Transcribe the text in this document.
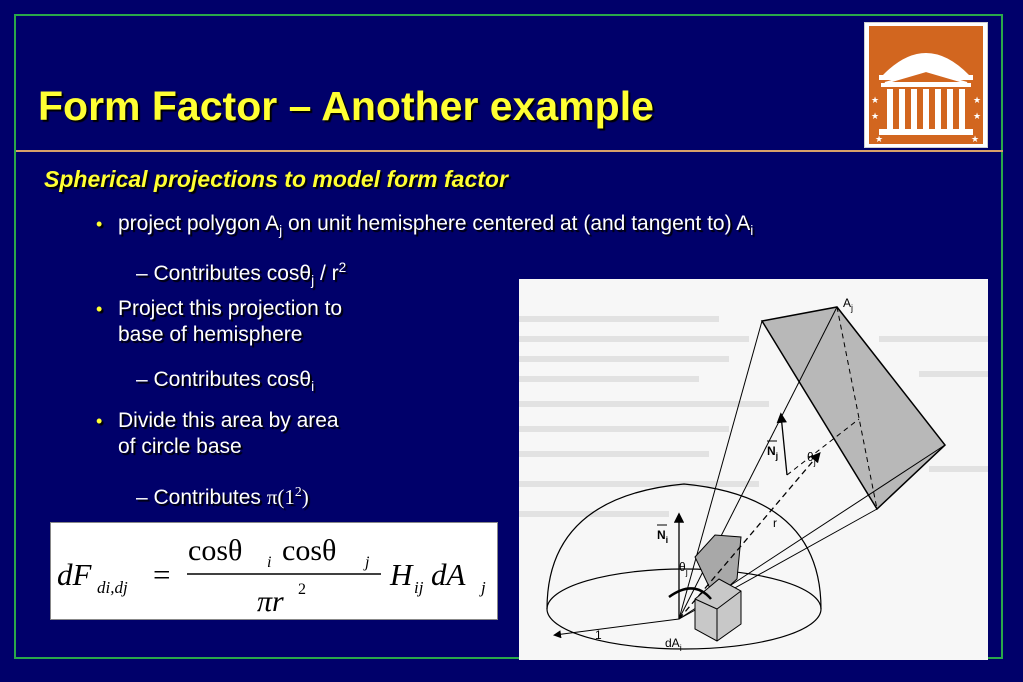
Form Factor – Another example	★
★
★
★
★	★
Spherical projections to model form factor
• project polygon $A_j$ on unit hemisphere centered at (and tangent to) $A_i$
– Contributes $\cos\theta_j / r^2$
• Project this projection to
base of hemisphere
– Contributes cosθ$_i$
• Divide this area by area
of circle base
– Contributes $\pi(1^2)$
dF di,dj =
cosθ i cosθ j
πr 2	H ij dA j
$A_j$
$N_j$ $\theta_j$
$N_i$
$\theta_j$
r
1
$dA_i$
